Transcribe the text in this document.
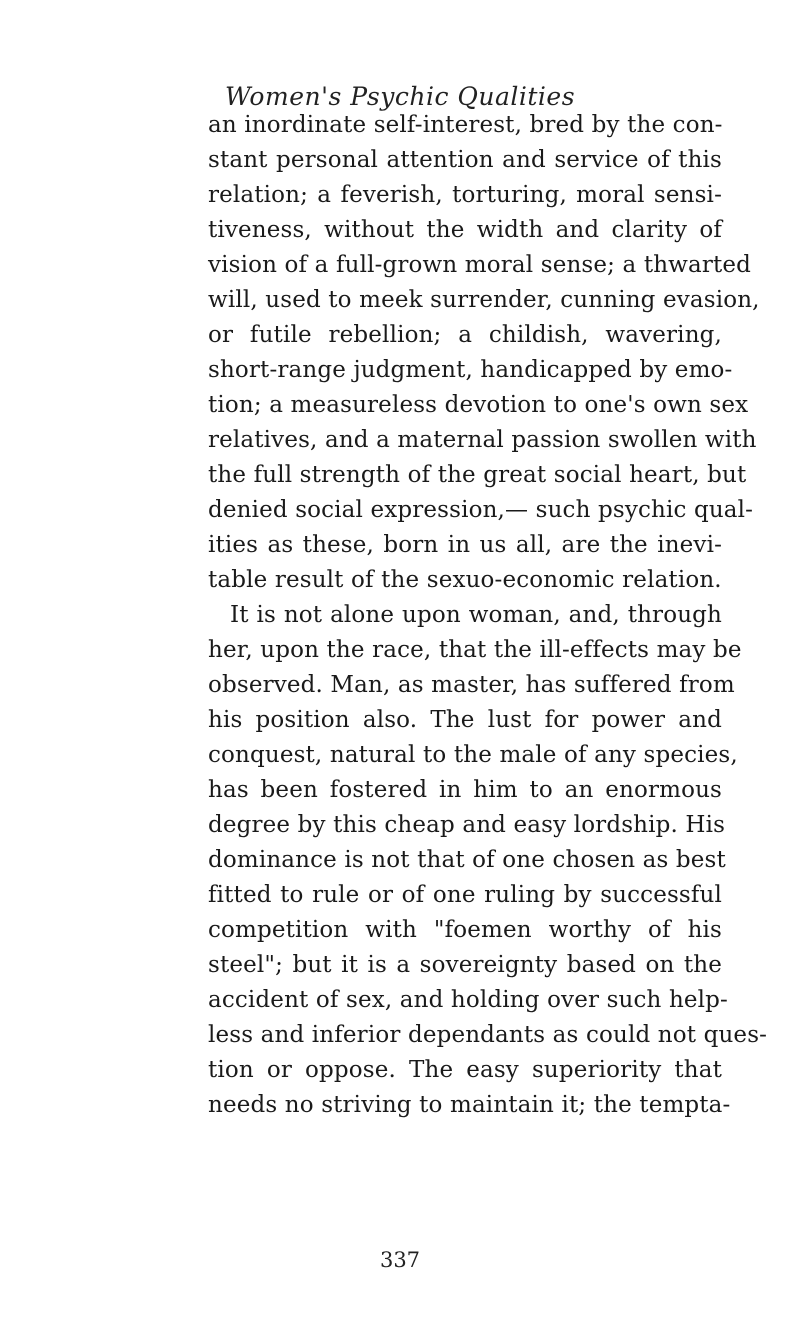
Women's Psychic Qualities
an inordinate self-interest, bred by the con-
stant personal attention and service of this
relation; a feverish, torturing, moral sensi-
tiveness, without the width and clarity of
vision of a full-grown moral sense; a thwarted
will, used to meek surrender, cunning evasion,
or futile rebellion; a childish, wavering,
short-range judgment, handicapped by emo-
tion; a measureless devotion to one's own sex
relatives, and a maternal passion swollen with
the full strength of the great social heart, but
denied social expression,— such psychic qual-
ities as these, born in us all, are the inevi-
table result of the sexuo-economic relation.
It is not alone upon woman, and, through
her, upon the race, that the ill-effects may be
observed. Man, as master, has suffered from
his position also. The lust for power and
conquest, natural to the male of any species,
has been fostered in him to an enormous
degree by this cheap and easy lordship. His
dominance is not that of one chosen as best
fitted to rule or of one ruling by successful
competition with "foemen worthy of his
steel"; but it is a sovereignty based on the
accident of sex, and holding over such help-
less and inferior dependants as could not ques-
tion or oppose. The easy superiority that
needs no striving to maintain it; the tempta-
337
